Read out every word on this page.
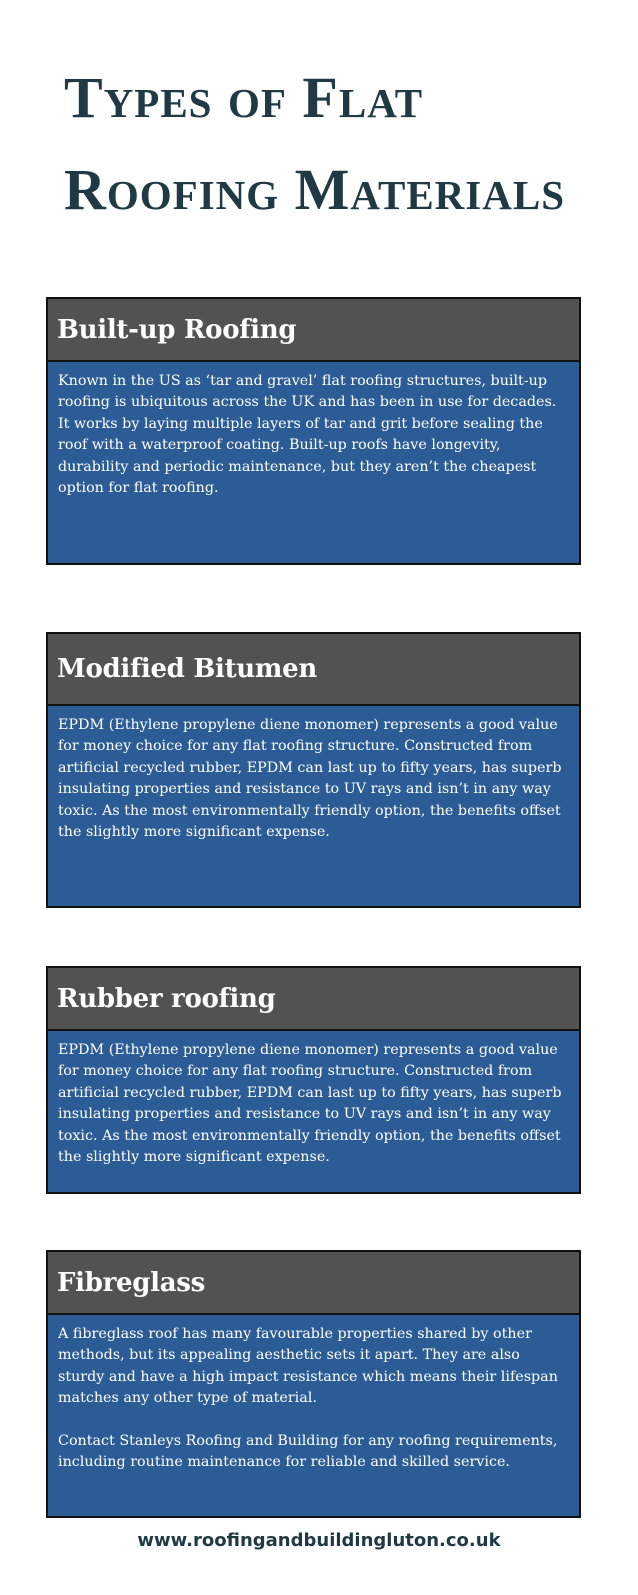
Types of Flat
Roofing Materials
Built-up Roofing

Known in the US as ‘tar and gravel’ flat roofing structures, built-up roofing is ubiquitous across the UK and has been in use for decades. It works by laying multiple layers of tar and grit before sealing the roof with a waterproof coating. Built-up roofs have longevity, durability and periodic maintenance, but they aren’t the cheapest option for flat roofing.

Modified Bitumen

EPDM (Ethylene propylene diene monomer) represents a good value for money choice for any flat roofing structure. Constructed from artificial recycled rubber, EPDM can last up to fifty years, has superb insulating properties and resistance to UV rays and isn’t in any way toxic. As the most environmentally friendly option, the benefits offset the slightly more significant expense.

Rubber roofing

EPDM (Ethylene propylene diene monomer) represents a good value for money choice for any flat roofing structure. Constructed from artificial recycled rubber, EPDM can last up to fifty years, has superb insulating properties and resistance to UV rays and isn’t in any way toxic. As the most environmentally friendly option, the benefits offset the slightly more significant expense.

Fibreglass

A fibreglass roof has many favourable properties shared by other methods, but its appealing aesthetic sets it apart. They are also sturdy and have a high impact resistance which means their lifespan matches any other type of material.

Contact Stanleys Roofing and Building for any roofing requirements, including routine maintenance for reliable and skilled service.

www.roofingandbuildingluton.co.uk
